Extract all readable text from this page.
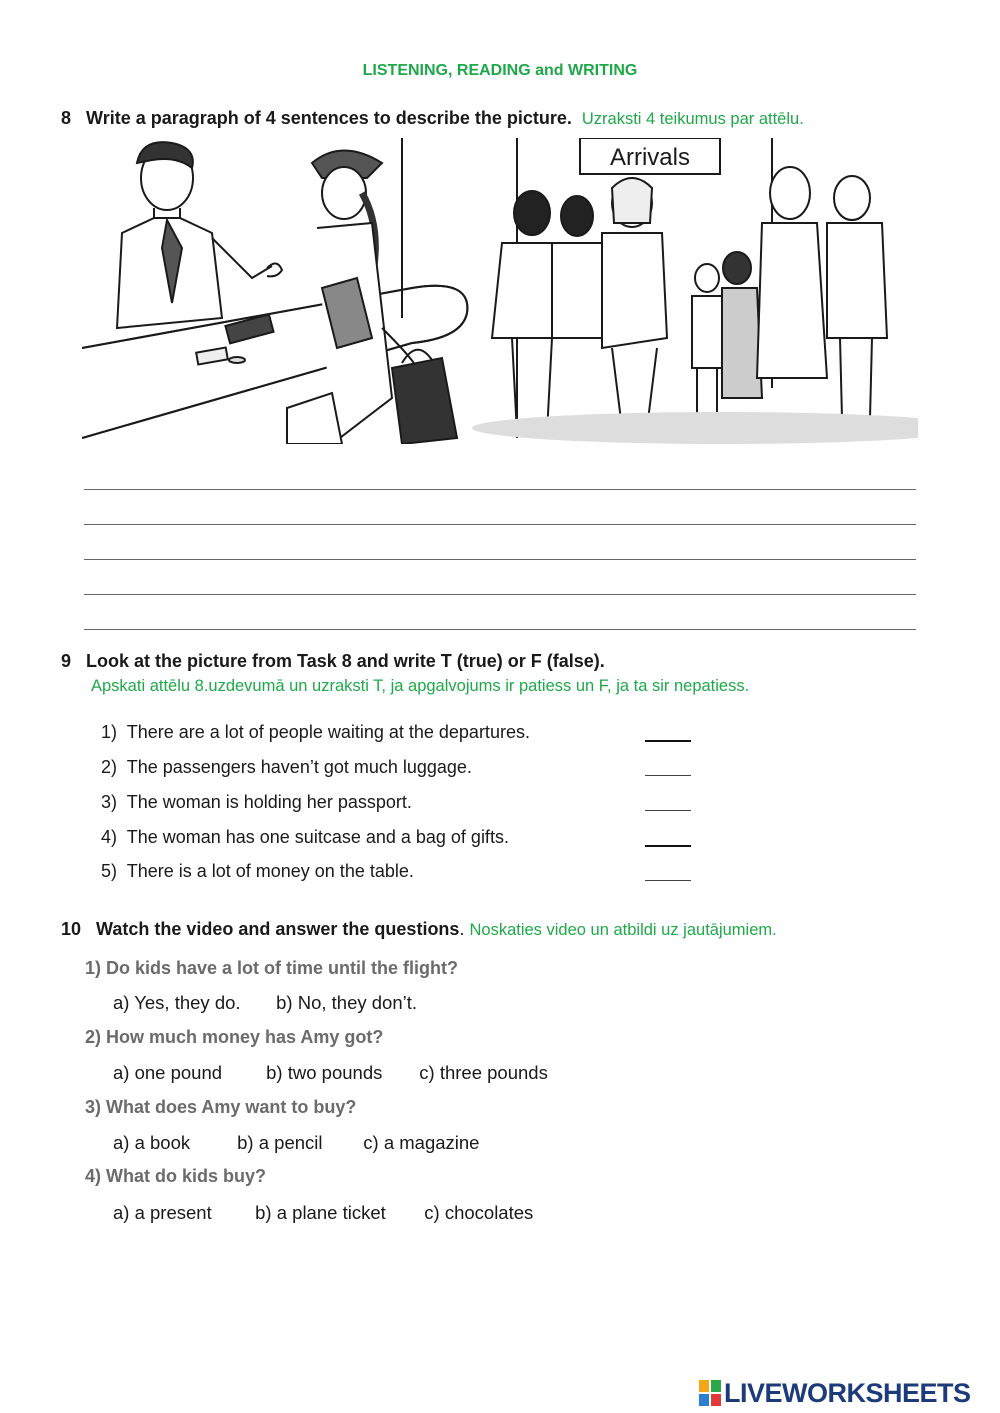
LISTENING, READING and WRITING
8 Write a paragraph of 4 sentences to describe the picture. Uzraksti 4 teikumus par attēlu.
Arrivals
9 Look at the picture from Task 8 and write T (true) or F (false).
Apskati attēlu 8.uzdevumā un uzraksti T, ja apgalvojums ir patiess un F, ja ta sir nepatiess.
1) There are a lot of people waiting at the departures.
2) The passengers haven’t got much luggage.
3) The woman is holding her passport.
4) The woman has one suitcase and a bag of gifts.
5) There is a lot of money on the table.
10 Watch the video and answer the questions. Noskaties video un atbildi uz jautājumiem.
1) Do kids have a lot of time until the flight?
a) Yes, they do. b) No, they don’t.
2) How much money has Amy got?
a) one pound b) two pounds c) three pounds
3) What does Amy want to buy?
a) a book	b) a pencil c) a magazine
4) What do kids buy?
a) a present b) a plane ticket c) chocolates
LIVEWORKSHEETS
